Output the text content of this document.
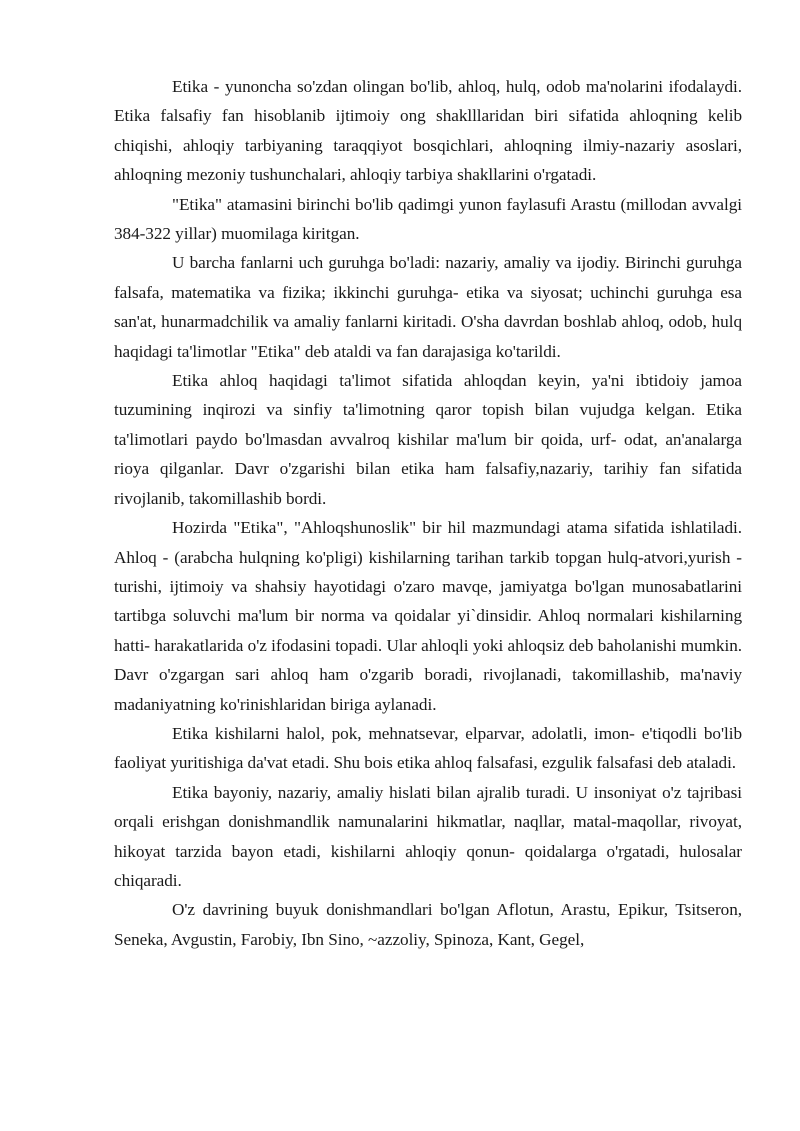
Etika - yunoncha so'zdan olingan bo'lib, ahloq, hulq, odob ma'nolarini ifodalaydi. Etika falsafiy fan hisoblanib ijtimoiy ong shaklllaridan biri sifatida ahloqning kelib chiqishi, ahloqiy tarbiyaning taraqqiyot bosqichlari, ahloqning ilmiy-nazariy asoslari, ahloqning mezoniy tushunchalari, ahloqiy tarbiya shakllarini o'rgatadi.

"Etika" atamasini birinchi bo'lib qadimgi yunon faylasufi Arastu (millodan avvalgi 384-322 yillar) muomilaga kiritgan.

U barcha fanlarni uch guruhga bo'ladi: nazariy, amaliy va ijodiy. Birinchi guruhga falsafa, matematika va fizika; ikkinchi guruhga- etika va siyosat; uchinchi guruhga esa san'at, hunarmadchilik va amaliy fanlarni kiritadi. O'sha davrdan boshlab ahloq, odob, hulq haqidagi ta'limotlar "Etika" deb ataldi va fan darajasiga ko'tarildi.

Etika ahloq haqidagi ta'limot sifatida ahloqdan keyin, ya'ni ibtidoiy jamoa tuzumining inqirozi va sinfiy ta'limotning qaror topish bilan vujudga kelgan. Etika ta'limotlari paydo bo'lmasdan avvalroq kishilar ma'lum bir qoida, urf- odat, an'analarga rioya qilganlar. Davr o'zgarishi bilan etika ham falsafiy,nazariy, tarihiy fan sifatida rivojlanib, takomillashib bordi.

Hozirda "Etika", "Ahloqshunoslik" bir hil mazmundagi atama sifatida ishlatiladi. Ahloq - (arabcha hulqning ko'pligi) kishilarning tarihan tarkib topgan hulq-atvori,yurish - turishi, ijtimoiy va shahsiy hayotidagi o'zaro mavqe, jamiyatga bo'lgan munosabatlarini tartibga soluvchi ma'lum bir norma va qoidalar yi`dinsidir. Ahloq normalari kishilarning hatti- harakatlarida o'z ifodasini topadi. Ular ahloqli yoki ahloqsiz deb baholanishi mumkin. Davr o'zgargan sari ahloq ham o'zgarib boradi, rivojlanadi, takomillashib, ma'naviy madaniyatning ko'rinishlaridan biriga aylanadi.

Etika kishilarni halol, pok, mehnatsevar, elparvar, adolatli, imon- e'tiqodli bo'lib faoliyat yuritishiga da'vat etadi. Shu bois etika ahloq falsafasi, ezgulik falsafasi deb ataladi.

Etika bayoniy, nazariy, amaliy hislati bilan ajralib turadi. U insoniyat o'z tajribasi orqali erishgan donishmandlik namunalarini hikmatlar, naqllar, matal-maqollar, rivoyat, hikoyat tarzida bayon etadi, kishilarni ahloqiy qonun- qoidalarga o'rgatadi, hulosalar chiqaradi.

O'z davrining buyuk donishmandlari bo'lgan Aflotun, Arastu, Epikur, Tsitseron, Seneka, Avgustin, Farobiy, Ibn Sino, ~azzoliy, Spinoza, Kant, Gegel,
